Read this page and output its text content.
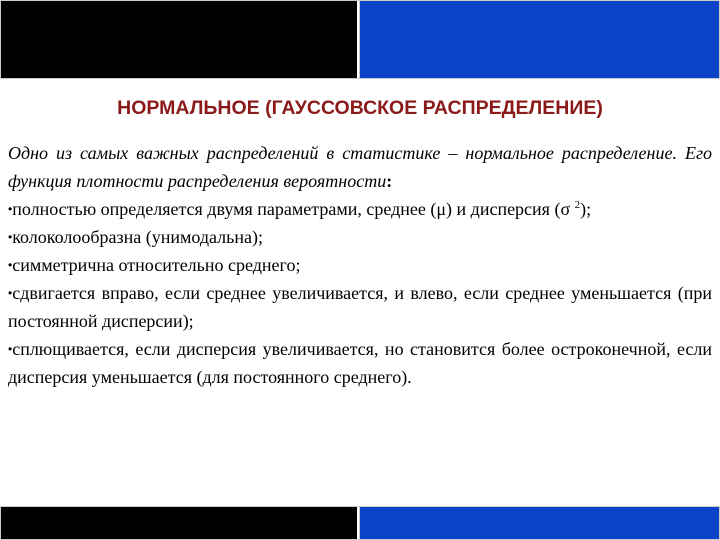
НОРМАЛЬНОЕ (ГАУССОВСКОЕ РАСПРЕДЕЛЕНИЕ)

Одно из самых важных распределений в статистике – нормальное распределение. Его функция плотности распределения вероятности:

•полностью определяется двумя параметрами, среднее (μ) и дисперсия (σ $^2$);

•колоколообразна (унимодальна);

•симметрична относительно среднего;

•сдвигается вправо, если среднее увеличивается, и влево, если среднее уменьшается (при постоянной дисперсии);

•сплющивается, если дисперсия увеличивается, но становится более остроконечной, если дисперсия уменьшается (для постоянного среднего).
